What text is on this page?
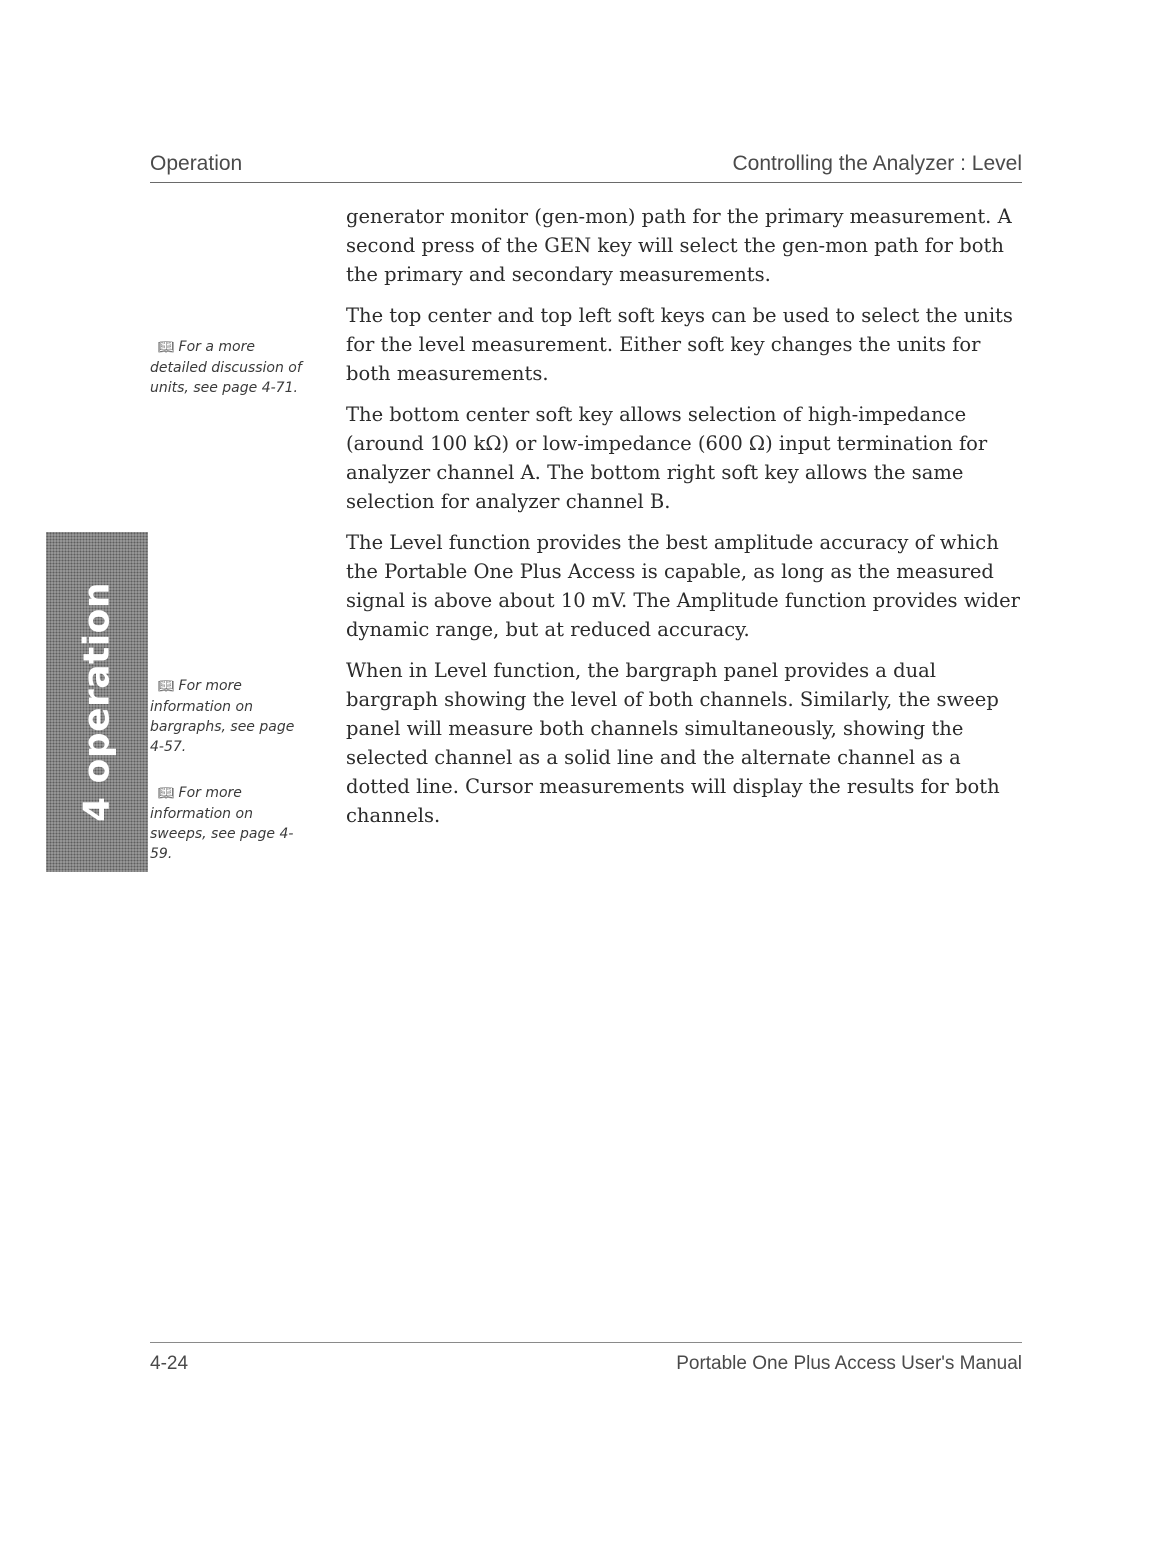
Operation	Controlling the Analyzer : Level
📖︎ For a more detailed discussion of units, see page 4-71.
📖︎ For more information on bargraphs, see page 4-57.
📖︎ For more information on sweeps, see page 4-59.
4 operation

generator monitor (gen-mon) path for the primary measurement. A second press of the GEN key will select the gen-mon path for both the primary and secondary measurements.

The top center and top left soft keys can be used to select the units for the level measurement. Either soft key changes the units for both measurements.

The bottom center soft key allows selection of high-impedance (around 100 kΩ) or low-impedance (600 Ω) input termination for analyzer channel A. The bottom right soft key allows the same selection for analyzer channel B.

The Level function provides the best amplitude accuracy of which the Portable One Plus Access is capable, as long as the measured signal is above about 10 mV. The Amplitude function provides wider dynamic range, but at reduced accuracy.

When in Level function, the bargraph panel provides a dual bargraph showing the level of both channels. Similarly, the sweep panel will measure both channels simultaneously, showing the selected channel as a solid line and the alternate channel as a dotted line. Cursor measurements will display the results for both channels.

4-24	Portable One Plus Access User's Manual
